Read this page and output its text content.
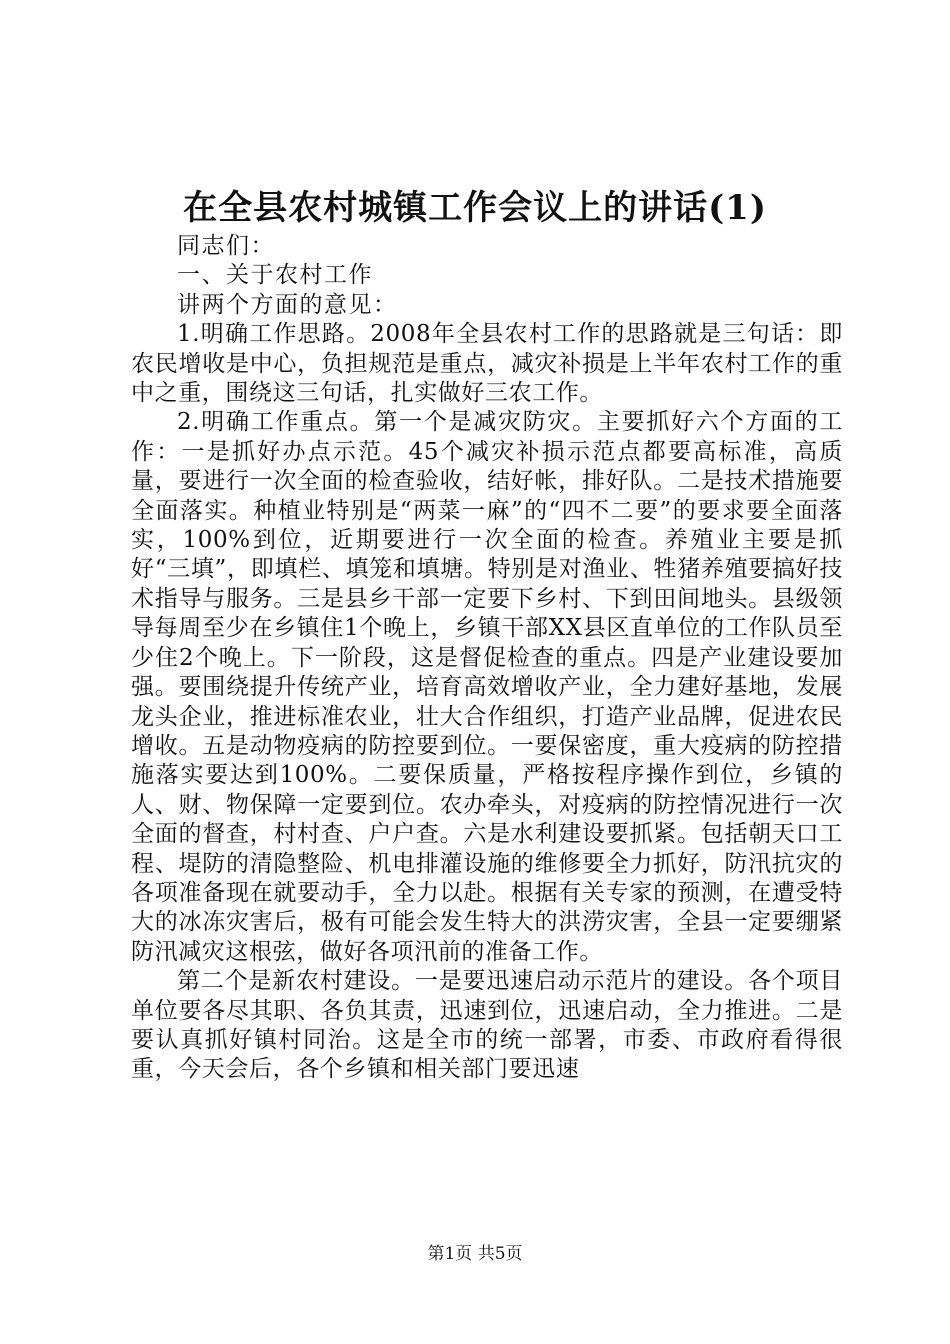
在全县农村城镇工作会议上的讲话(1)

同志们：

一、关于农村工作

讲两个方面的意见：

1.明确工作思路。2008年全县农村工作的思路就是三句话：即农民增收是中心，负担规范是重点，减灾补损是上半年农村工作的重中之重，围绕这三句话，扎实做好三农工作。

2.明确工作重点。第一个是减灾防灾。主要抓好六个方面的工作：一是抓好办点示范。45个减灾补损示范点都要高标准，高质量，要进行一次全面的检查验收，结好帐，排好队。二是技术措施要全面落实。种植业特别是“两菜一麻”的“四不二要”的要求要全面落实，100%到位，近期要进行一次全面的检查。养殖业主要是抓好“三填”，即填栏、填笼和填塘。特别是对渔业、牲猪养殖要搞好技术指导与服务。三是县乡干部一定要下乡村、下到田间地头。县级领导每周至少在乡镇住1个晚上，乡镇干部XX县区直单位的工作队员至少住2个晚上。下一阶段，这是督促检查的重点。四是产业建设要加强。要围绕提升传统产业，培育高效增收产业，全力建好基地，发展龙头企业，推进标准农业，壮大合作组织，打造产业品牌，促进农民增收。五是动物疫病的防控要到位。一要保密度，重大疫病的防控措施落实要达到100%。二要保质量，严格按程序操作到位，乡镇的人、财、物保障一定要到位。农办牵头，对疫病的防控情况进行一次全面的督查，村村查、户户查。六是水利建设要抓紧。包括朝天口工程、堤防的清隐整险、机电排灌设施的维修要全力抓好，防汛抗灾的各项准备现在就要动手，全力以赴。根据有关专家的预测，在遭受特大的冰冻灾害后，极有可能会发生特大的洪涝灾害，全县一定要绷紧防汛减灾这根弦，做好各项汛前的准备工作。

第二个是新农村建设。一是要迅速启动示范片的建设。各个项目单位要各尽其职、各负其责，迅速到位，迅速启动，全力推进。二是要认真抓好镇村同治。这是全市的统一部署，市委、市政府看得很重，今天会后，各个乡镇和相关部门要迅速

第1页 共5页
